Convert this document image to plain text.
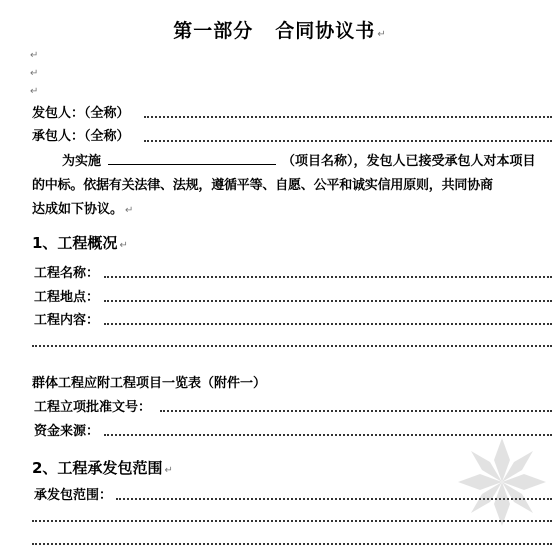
第一部分 合同协议书 ↵
↵
↵
↵
发包人：（全称）
承包人：（全称）
为实施	（项目名称），发包人已接受承包人对本项目
的中标。依据有关法律、法规，遵循平等、自愿、公平和诚实信用原则，共同协商
达成如下协议。 ↵
1、工程概况 ↵
工程名称：
工程地点：
工程内容：
群体工程应附工程项目一览表（附件一）
工程立项批准文号：
资金来源：
2、工程承发包范围 ↵
承发包范围：
